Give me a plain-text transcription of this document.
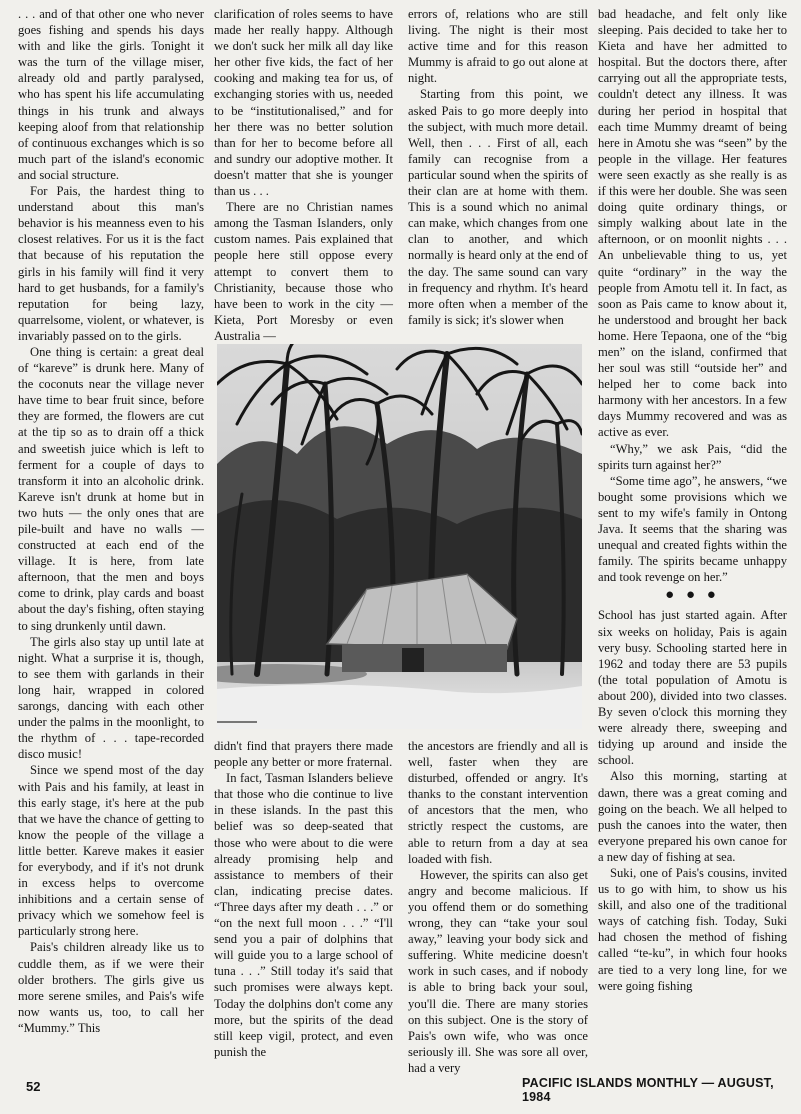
. . . and of that other one who never goes fishing and spends his days with and like the girls. Tonight it was the turn of the village miser, already old and partly paralysed, who has spent his life accumulating things in his trunk and always keeping aloof from that relationship of continuous exchanges which is so much part of the island's economic and social structure.

For Pais, the hardest thing to understand about this man's behavior is his meanness even to his closest relatives. For us it is the fact that because of his reputation the girls in his family will find it very hard to get husbands, for a family's reputation for being lazy, quarrelsome, violent, or whatever, is invariably passed on to the girls.

One thing is certain: a great deal of “kareve” is drunk here. Many of the coconuts near the village never have time to bear fruit since, before they are formed, the flowers are cut at the tip so as to drain off a thick and sweetish juice which is left to ferment for a couple of days to transform it into an alcoholic drink. Kareve isn't drunk at home but in two huts — the only ones that are pile-built and have no walls — constructed at each end of the village. It is here, from late afternoon, that the men and boys come to drink, play cards and boast about the day's fishing, often staying to sing drunkenly until dawn.

The girls also stay up until late at night. What a surprise it is, though, to see them with garlands in their long hair, wrapped in colored sarongs, dancing with each other under the palms in the moonlight, to the rhythm of . . . tape-recorded disco music!

Since we spend most of the day with Pais and his family, at least in this early stage, it's here at the pub that we have the chance of getting to know the people of the village a little better. Kareve makes it easier for everybody, and if it's not drunk in excess helps to overcome inhibitions and a certain sense of privacy which we somehow feel is particularly strong here.

Pais's children already like us to cuddle them, as if we were their older brothers. The girls give us more serene smiles, and Pais's wife now wants us, too, to call her “Mummy.” This

clarification of roles seems to have made her really happy. Although we don't suck her milk all day like her other five kids, the fact of her cooking and making tea for us, of exchanging stories with us, needed to be “institutionalised,” and for her there was no better solution than for her to become before all and sundry our adoptive mother. It doesn't matter that she is younger than us . . .

There are no Christian names among the Tasman Islanders, only custom names. Pais explained that people here still oppose every attempt to convert them to Christianity, because those who have been to work in the city — Kieta, Port Moresby or even Australia —

errors of, relations who are still living. The night is their most active time and for this reason Mummy is afraid to go out alone at night.

Starting from this point, we asked Pais to go more deeply into the subject, with much more detail. Well, then . . . First of all, each family can recognise from a particular sound when the spirits of their clan are at home with them. This is a sound which no animal can make, which changes from one clan to another, and which normally is heard only at the end of the day. The same sound can vary in frequency and rhythm. It's heard more often when a member of the family is sick; it's slower when

didn't find that prayers there made people any better or more fraternal.

In fact, Tasman Islanders believe that those who die continue to live in these islands. In the past this belief was so deep-seated that those who were about to die were already promising help and assistance to members of their clan, indicating precise dates. “Three days after my death . . .” or “on the next full moon . . .” “I'll send you a pair of dolphins that will guide you to a large school of tuna . . .” Still today it's said that such promises were always kept. Today the dolphins don't come any more, but the spirits of the dead still keep vigil, protect, and even punish the

the ancestors are friendly and all is well, faster when they are disturbed, offended or angry. It's thanks to the constant intervention of ancestors that the men, who strictly respect the customs, are able to return from a day at sea loaded with fish.

However, the spirits can also get angry and become malicious. If you offend them or do something wrong, they can “take your soul away,” leaving your body sick and suffering. White medicine doesn't work in such cases, and if nobody is able to bring back your soul, you'll die. There are many stories on this subject. One is the story of Pais's own wife, who was once seriously ill. She was sore all over, had a very

bad headache, and felt only like sleeping. Pais decided to take her to Kieta and have her admitted to hospital. But the doctors there, after carrying out all the appropriate tests, couldn't detect any illness. It was during her period in hospital that each time Mummy dreamt of being here in Amotu she was “seen” by the people in the village. Her features were seen exactly as she really is as if this were her double. She was seen doing quite ordinary things, or simply walking about late in the afternoon, or on moonlit nights . . . An unbelievable thing to us, yet quite “ordinary” in the way the people from Amotu tell it. In fact, as soon as Pais came to know about it, he understood and brought her back home. Here Tepaona, one of the “big men” on the island, confirmed that her soul was still “outside her” and helped her to come back into harmony with her ancestors. In a few days Mummy recovered and was as active as ever.

“Why,” we ask Pais, “did the spirits turn against her?”

“Some time ago”, he answers, “we bought some provisions which we sent to my wife's family in Ontong Java. It seems that the sharing was unequal and created fights within the family. The spirits became unhappy and took revenge on her.”

● ● ●

School has just started again. After six weeks on holiday, Pais is again very busy. Schooling started here in 1962 and today there are 53 pupils (the total population of Amotu is about 200), divided into two classes. By seven o'clock this morning they were already there, sweeping and tidying up around and inside the school.

Also this morning, starting at dawn, there was a great coming and going on the beach. We all helped to push the canoes into the water, then everyone prepared his own canoe for a new day of fishing at sea.

Suki, one of Pais's cousins, invited us to go with him, to show us his skill, and also one of the traditional ways of catching fish. Today, Suki had chosen the method of fishing called “te-ku”, in which four hooks are tied to a very long line, for we were going fishing

52	PACIFIC ISLANDS MONTHLY — AUGUST, 1984
